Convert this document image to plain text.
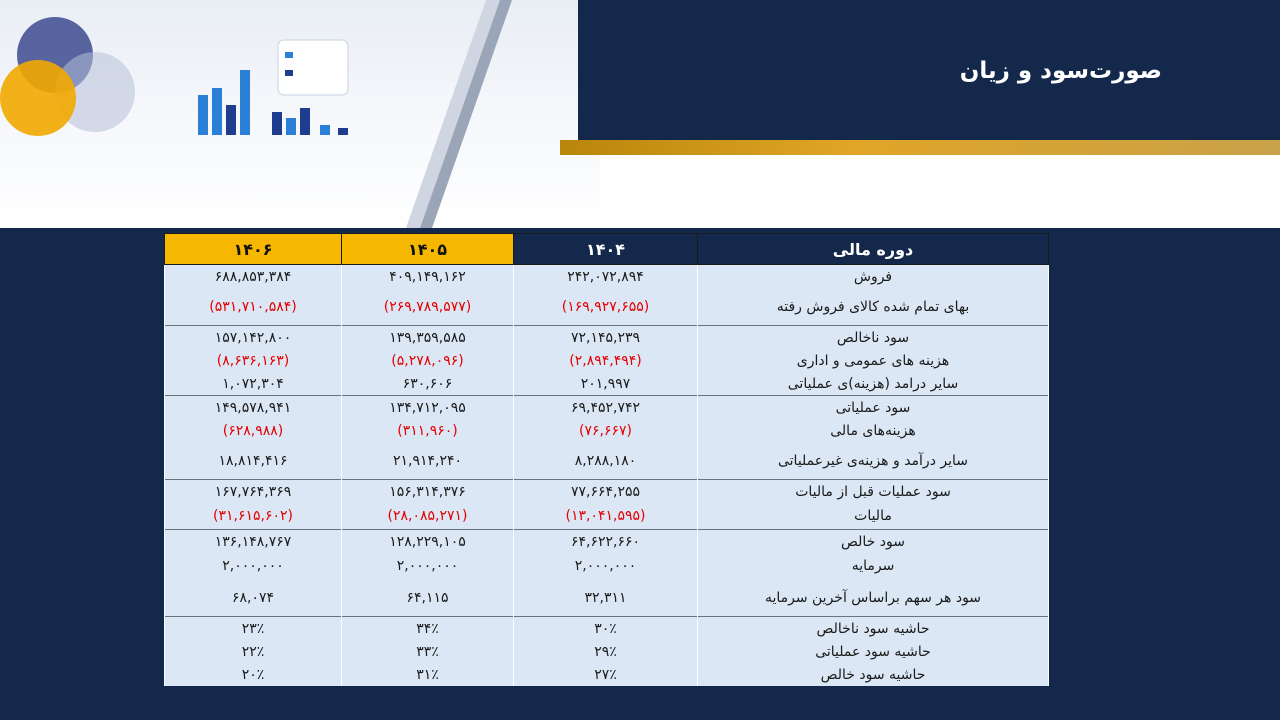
صورت‌سود و زیان
۱۴۰۶	۱۴۰۵	۱۴۰۴	دوره مالی
۶۸۸,۸۵۳,۳۸۴	۴۰۹,۱۴۹,۱۶۲	۲۴۲,۰۷۲,۸۹۴	فروش
(۵۳۱,۷۱۰,۵۸۴)	(۲۶۹,۷۸۹,۵۷۷)	(۱۶۹,۹۲۷,۶۵۵)	بهای تمام شده کالای فروش رفته
۱۵۷,۱۴۲,۸۰۰	۱۳۹,۳۵۹,۵۸۵	۷۲,۱۴۵,۲۳۹	سود ناخالص
(۸,۶۳۶,۱۶۳)	(۵,۲۷۸,۰۹۶)	(۲,۸۹۴,۴۹۴)	هزینه های عمومی و اداری
۱,۰۷۲,۳۰۴	۶۳۰,۶۰۶	۲۰۱,۹۹۷	سایر درامد (هزینه)ی عملیاتی
۱۴۹,۵۷۸,۹۴۱	۱۳۴,۷۱۲,۰۹۵	۶۹,۴۵۲,۷۴۲	سود عملیاتی
(۶۲۸,۹۸۸)	(۳۱۱,۹۶۰)	(۷۶,۶۶۷)	هزینه‌های مالی
۱۸,۸۱۴,۴۱۶	۲۱,۹۱۴,۲۴۰	۸,۲۸۸,۱۸۰	سایر درآمد و هزینه‌ی غیرعملیاتی
۱۶۷,۷۶۴,۳۶۹	۱۵۶,۳۱۴,۳۷۶	۷۷,۶۶۴,۲۵۵	سود عملیات قبل از مالیات
(۳۱,۶۱۵,۶۰۲)	(۲۸,۰۸۵,۲۷۱)	(۱۳,۰۴۱,۵۹۵)	مالیات
۱۳۶,۱۴۸,۷۶۷	۱۲۸,۲۲۹,۱۰۵	۶۴,۶۲۲,۶۶۰	سود خالص
۲,۰۰۰,۰۰۰	۲,۰۰۰,۰۰۰	۲,۰۰۰,۰۰۰	سرمایه
۶۸,۰۷۴	۶۴,۱۱۵	۳۲,۳۱۱	سود هر سهم براساس آخرین سرمایه
۲۳٪	۳۴٪	۳۰٪	حاشیه سود ناخالص
۲۲٪	۳۳٪	۲۹٪	حاشیه سود عملیاتی
۲۰٪	۳۱٪	۲۷٪	حاشیه سود خالص
